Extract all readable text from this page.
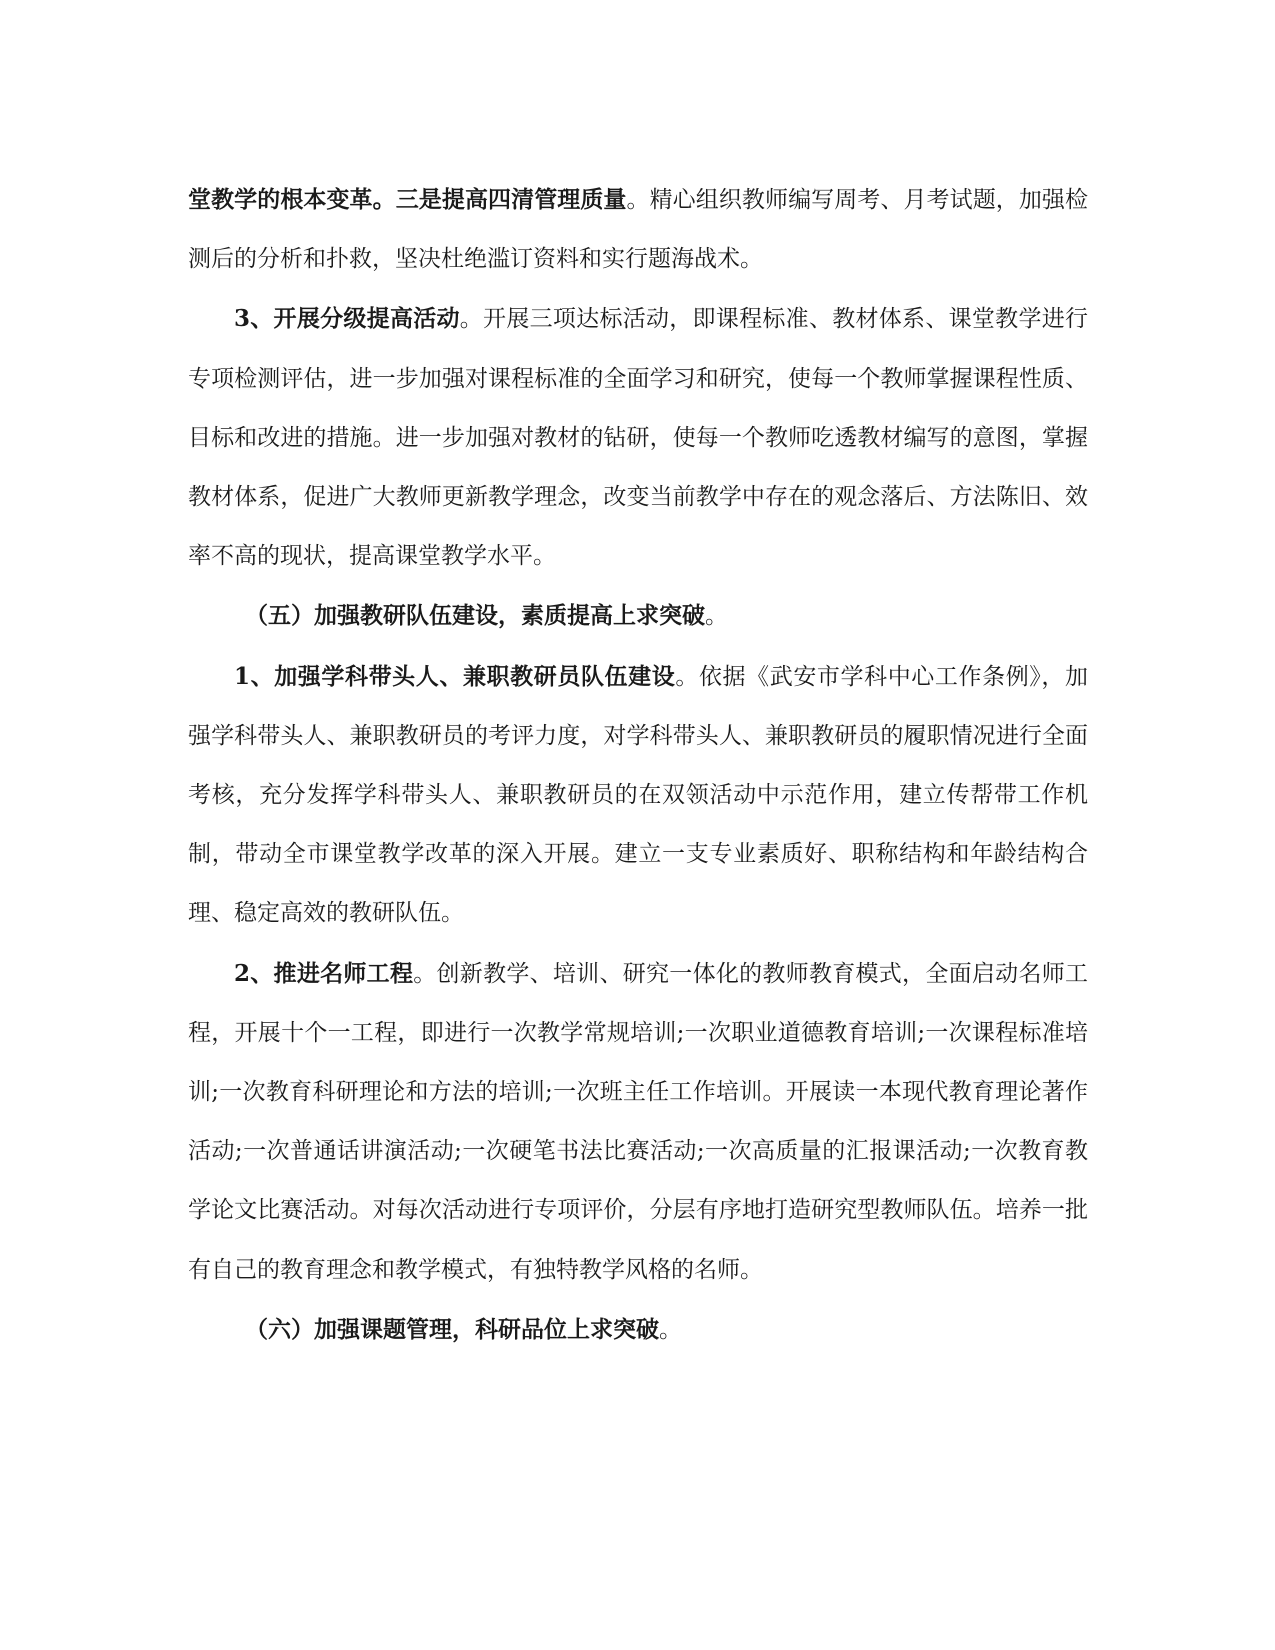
堂教学的根本变革。三是提高四清管理质量。精心组织教师编写周考、月考试题，加强检测后的分析和扑救，坚决杜绝滥订资料和实行题海战术。

3、开展分级提高活动。开展三项达标活动，即课程标准、教材体系、课堂教学进行专项检测评估，进一步加强对课程标准的全面学习和研究，使每一个教师掌握课程性质、目标和改进的措施。进一步加强对教材的钻研，使每一个教师吃透教材编写的意图，掌握教材体系，促进广大教师更新教学理念，改变当前教学中存在的观念落后、方法陈旧、效率不高的现状，提高课堂教学水平。

（五）加强教研队伍建设，素质提高上求突破。

1、加强学科带头人、兼职教研员队伍建设。依据《武安市学科中心工作条例》，加强学科带头人、兼职教研员的考评力度，对学科带头人、兼职教研员的履职情况进行全面考核，充分发挥学科带头人、兼职教研员的在双领活动中示范作用，建立传帮带工作机制，带动全市课堂教学改革的深入开展。建立一支专业素质好、职称结构和年龄结构合理、稳定高效的教研队伍。

2、推进名师工程。创新教学、培训、研究一体化的教师教育模式，全面启动名师工程，开展十个一工程，即进行一次教学常规培训;一次职业道德教育培训;一次课程标准培训;一次教育科研理论和方法的培训;一次班主任工作培训。开展读一本现代教育理论著作活动;一次普通话讲演活动;一次硬笔书法比赛活动;一次高质量的汇报课活动;一次教育教学论文比赛活动。对每次活动进行专项评价，分层有序地打造研究型教师队伍。培养一批有自己的教育理念和教学模式，有独特教学风格的名师。

（六）加强课题管理，科研品位上求突破。
